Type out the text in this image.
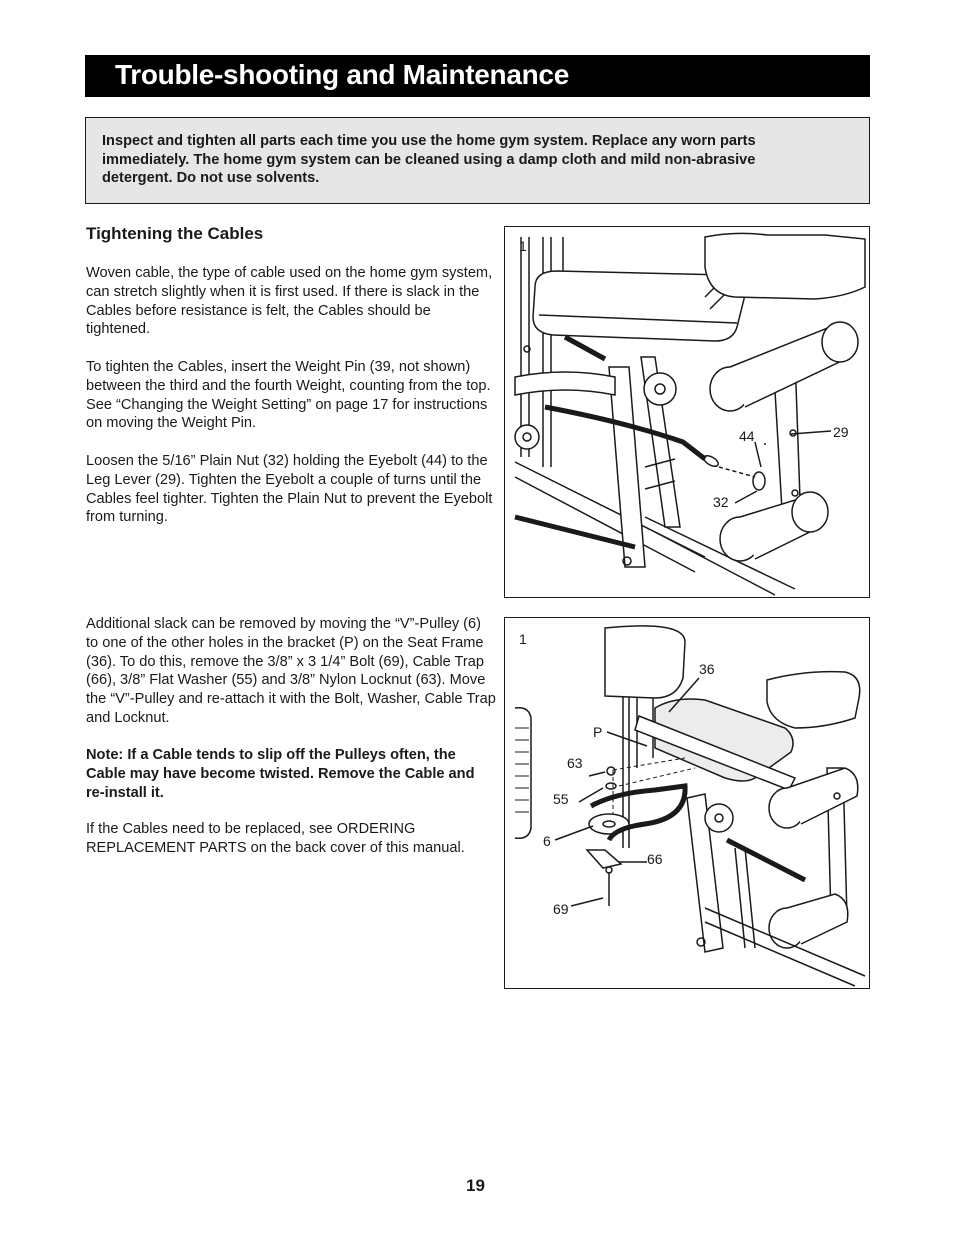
Trouble-shooting and Maintenance

Inspect and tighten all parts each time you use the home gym system. Replace any worn parts immediately. The home gym system can be cleaned using a damp cloth and mild non-abrasive detergent. Do not use solvents.

Tightening the Cables

Woven cable, the type of cable used on the home gym system, can stretch slightly when it is first used. If there is slack in the Cables before resistance is felt, the Cables should be tightened.

To tighten the Cables, insert the Weight Pin (39, not shown) between the third and the fourth Weight, counting from the top. See “Changing the Weight Setting” on page 17 for instructions on moving the Weight Pin.

Loosen the 5/16” Plain Nut (32) holding the Eyebolt (44) to the Leg Lever (29). Tighten the Eyebolt a couple of turns until the Cables feel tighter. Tighten the Plain Nut to prevent the Eyebolt from turning.

Additional slack can be removed by moving the “V”-Pulley (6) to one of the other holes in the bracket (P) on the Seat Frame (36). To do this, remove the 3/8” x 3 1/4” Bolt (69), Cable Trap (66), 3/8” Flat Washer (55) and 3/8” Nylon Locknut (63). Move the “V”-Pulley and re-attach it with the Bolt, Washer, Cable Trap and Locknut.

Note: If a Cable tends to slip off the Pulleys often, the Cable may have become twisted. Remove the Cable and re-install it.

If the Cables need to be replaced, see ORDERING REPLACEMENT PARTS on the back cover of this manual.

1
44	29
32
1
36
P
63
55
6
66
69
19
